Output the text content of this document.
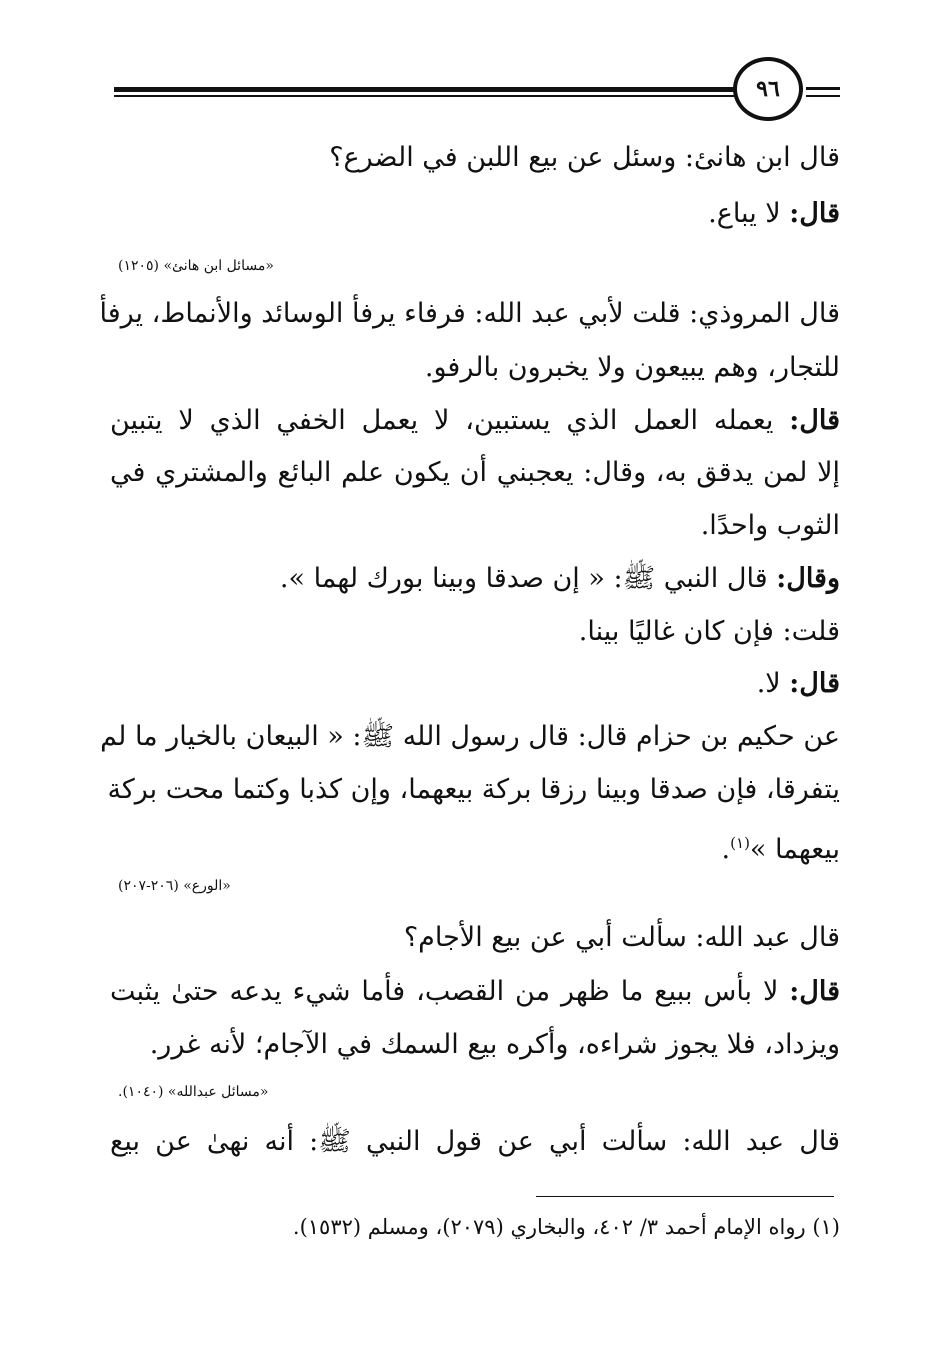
٩٦
قال ابن هانئ: وسئل عن بيع اللبن في الضرع؟
قال: لا يباع.
«مسائل ابن هانئ» (١٢٠٥)
قال المروذي: قلت لأبي عبد الله: فرفاء يرفأ الوسائد والأنماط، يرفأ
للتجار، وهم يبيعون ولا يخبرون بالرفو.
قال: يعمله العمل الذي يستبين، لا يعمل الخفي الذي لا يتبين
إلا لمن يدقق به، وقال: يعجبني أن يكون علم البائع والمشتري في
الثوب واحدًا.
وقال: قال النبي ﷺ: « إن صدقا وبينا بورك لهما ».
قلت: فإن كان غاليًا بينا.
قال: لا.
عن حكيم بن حزام قال: قال رسول الله ﷺ: « البيعان بالخيار ما لم
يتفرقا، فإن صدقا وبينا رزقا بركة بيعهما، وإن كذبا وكتما محت بركة
بيعهما »$^{(١)}$.
«الورع» (٢٠٦-٢٠٧)
قال عبد الله: سألت أبي عن بيع الأجام؟
قال: لا بأس ببيع ما ظهر من القصب، فأما شيء يدعه حتىٰ يثبت
ويزداد، فلا يجوز شراءه، وأكره بيع السمك في الآجام؛ لأنه غرر.
«مسائل عبدالله» (١٠٤٠).
قال عبد الله: سألت أبي عن قول النبي ﷺ: أنه نهىٰ عن بيع
(١) رواه الإمام أحمد ٣/ ٤٠٢، والبخاري (٢٠٧٩)، ومسلم (١٥٣٢).
